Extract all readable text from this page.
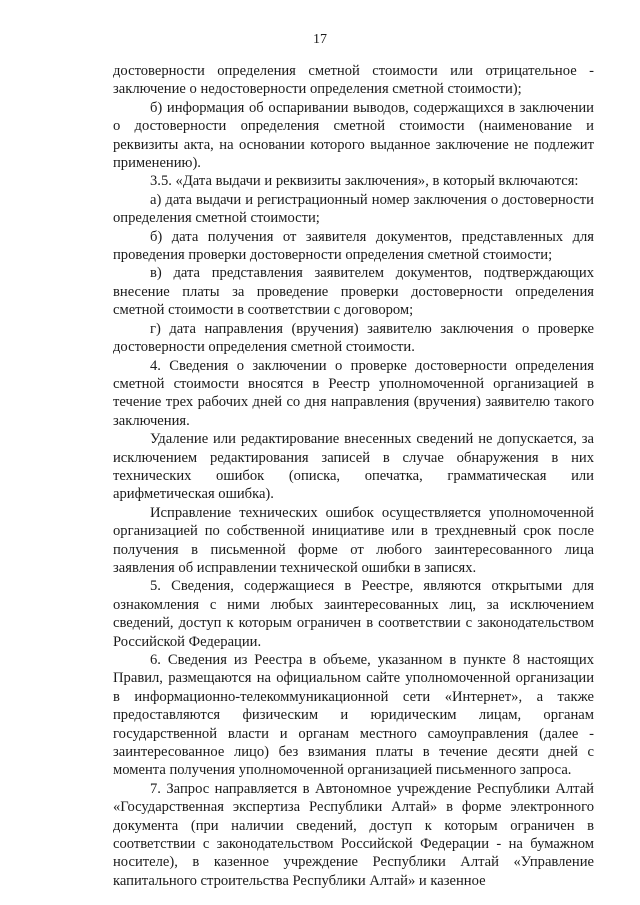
17

достоверности определения сметной стоимости или отрицательное - заключение о недостоверности определения сметной стоимости);

б) информация об оспаривании выводов, содержащихся в заключении о достоверности определения сметной стоимости (наименование и реквизиты акта, на основании которого выданное заключение не подлежит применению).

3.5. «Дата выдачи и реквизиты заключения», в который включаются:

а) дата выдачи и регистрационный номер заключения о достоверности определения сметной стоимости;

б) дата получения от заявителя документов, представленных для проведения проверки достоверности определения сметной стоимости;

в) дата представления заявителем документов, подтверждающих внесение платы за проведение проверки достоверности определения сметной стоимости в соответствии с договором;

г) дата направления (вручения) заявителю заключения о проверке достоверности определения сметной стоимости.

4. Сведения о заключении о проверке достоверности определения сметной стоимости вносятся в Реестр уполномоченной организацией в течение трех рабочих дней со дня направления (вручения) заявителю такого заключения.

Удаление или редактирование внесенных сведений не допускается, за исключением редактирования записей в случае обнаружения в них технических ошибок (описка, опечатка, грамматическая или арифметическая ошибка).

Исправление технических ошибок осуществляется уполномоченной организацией по собственной инициативе или в трехдневный срок после получения в письменной форме от любого заинтересованного лица заявления об исправлении технической ошибки в записях.

5. Сведения, содержащиеся в Реестре, являются открытыми для ознакомления с ними любых заинтересованных лиц, за исключением сведений, доступ к которым ограничен в соответствии с законодательством Российской Федерации.

6. Сведения из Реестра в объеме, указанном в пункте 8 настоящих Правил, размещаются на официальном сайте уполномоченной организации в информационно-телекоммуникационной сети «Интернет», а также предоставляются физическим и юридическим лицам, органам государственной власти и органам местного самоуправления (далее - заинтересованное лицо) без взимания платы в течение десяти дней с момента получения уполномоченной организацией письменного запроса.

7. Запрос направляется в Автономное учреждение Республики Алтай «Государственная экспертиза Республики Алтай» в форме электронного документа (при наличии сведений, доступ к которым ограничен в соответствии с законодательством Российской Федерации - на бумажном носителе), в казенное учреждение Республики Алтай «Управление капитального строительства Республики Алтай» и казенное
